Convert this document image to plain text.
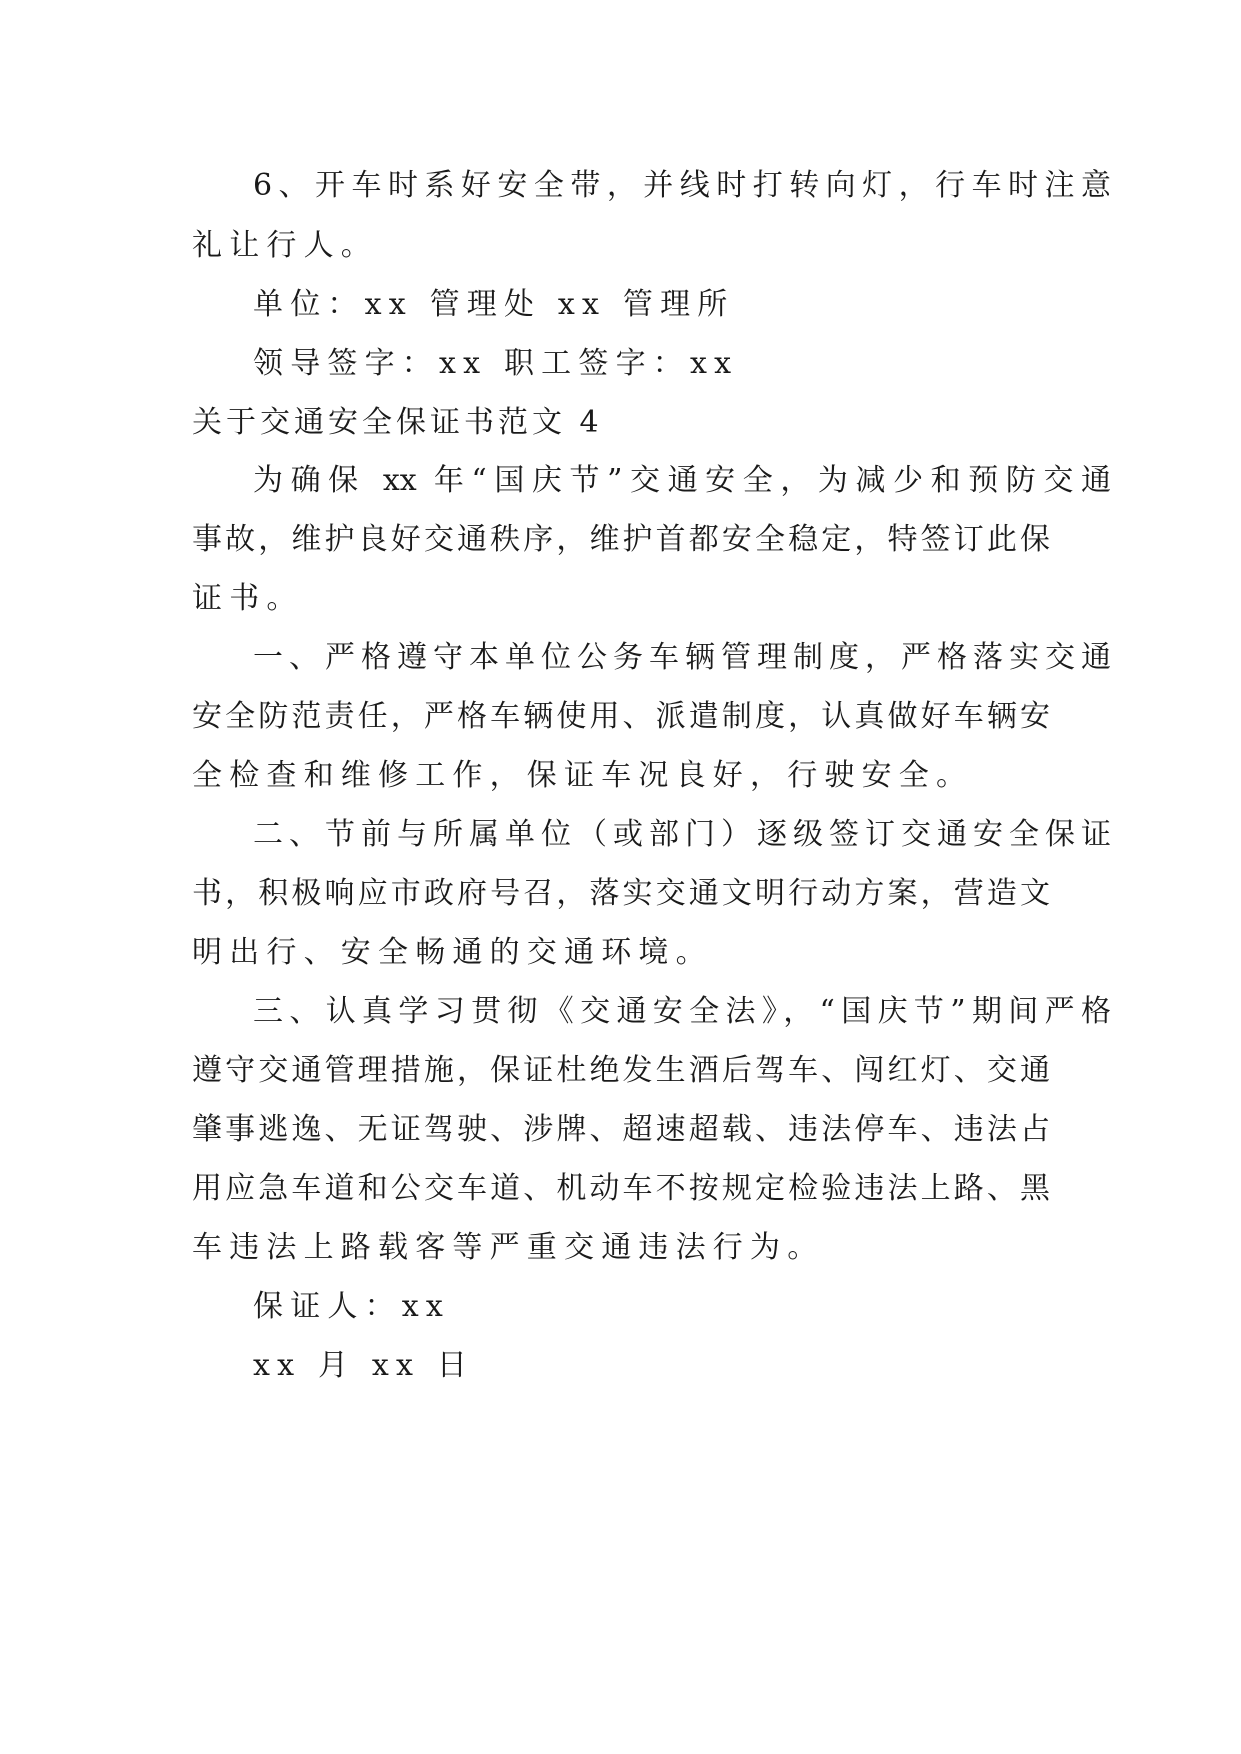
6、开车时系好安全带，并线时打转向灯，行车时注意
礼让行人。
单位：xx 管理处 xx 管理所
领导签字：xx 职工签字：xx
关于交通安全保证书范文 4
为确保 xx 年“国庆节”交通安全，为减少和预防交通
事故，维护良好交通秩序，维护首都安全稳定，特签订此保
证书。
一、严格遵守本单位公务车辆管理制度，严格落实交通
安全防范责任，严格车辆使用、派遣制度，认真做好车辆安
全检查和维修工作，保证车况良好，行驶安全。
二、节前与所属单位（或部门）逐级签订交通安全保证
书，积极响应市政府号召，落实交通文明行动方案，营造文
明出行、安全畅通的交通环境。
三、认真学习贯彻《交通安全法》，“国庆节”期间严格
遵守交通管理措施，保证杜绝发生酒后驾车、闯红灯、交通
肇事逃逸、无证驾驶、涉牌、超速超载、违法停车、违法占
用应急车道和公交车道、机动车不按规定检验违法上路、黑
车违法上路载客等严重交通违法行为。
保证人：xx
xx 月 xx 日
